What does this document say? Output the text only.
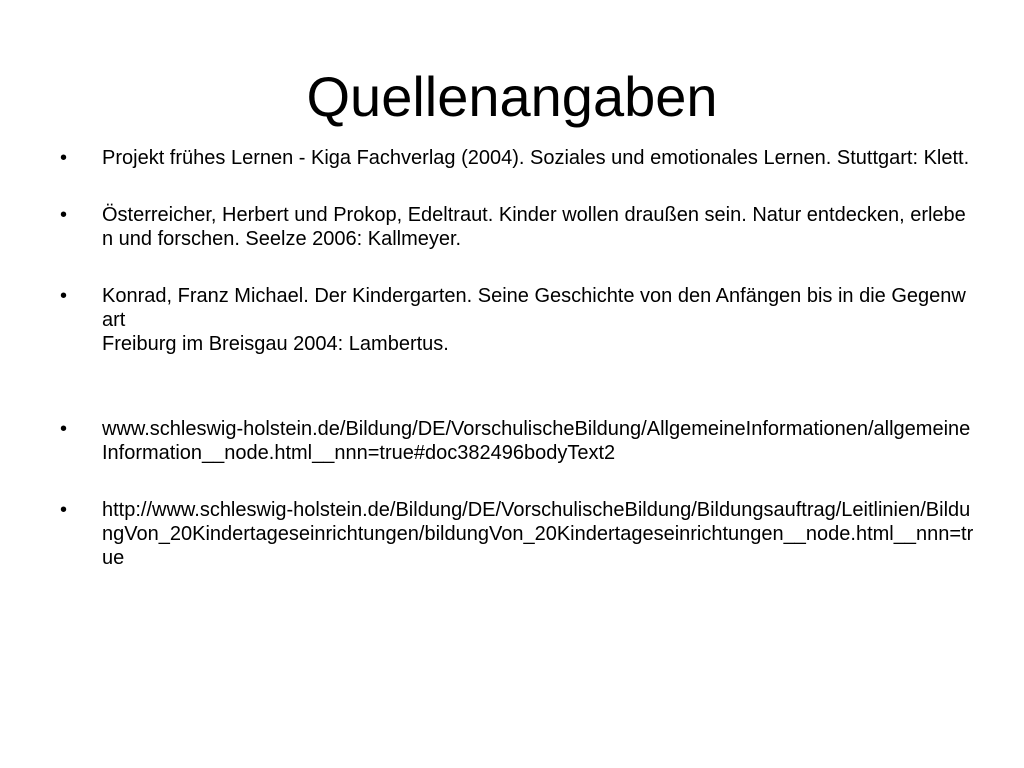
Quellenangaben
• Projekt frühes Lernen - Kiga Fachverlag (2004). Soziales und emotionales Lernen. Stuttgart: Klett.
• Österreicher, Herbert und Prokop, Edeltraut. Kinder wollen draußen sein. Natur entdecken, erleben und forschen. Seelze 2006: Kallmeyer.
• Konrad, Franz Michael. Der Kindergarten. Seine Geschichte von den Anfängen bis in die Gegenwart
Freiburg im Breisgau 2004: Lambertus.
• www.schleswig-holstein.de/Bildung/DE/VorschulischeBildung/AllgemeineInformationen/allgemeineInformation__node.html__nnn=true#doc382496bodyText2
• http://www.schleswig-holstein.de/Bildung/DE/VorschulischeBildung/Bildungsauftrag/Leitlinien/BildungVon_20Kindertageseinrichtungen/bildungVon_20Kindertageseinrichtungen__node.html__nnn=true
